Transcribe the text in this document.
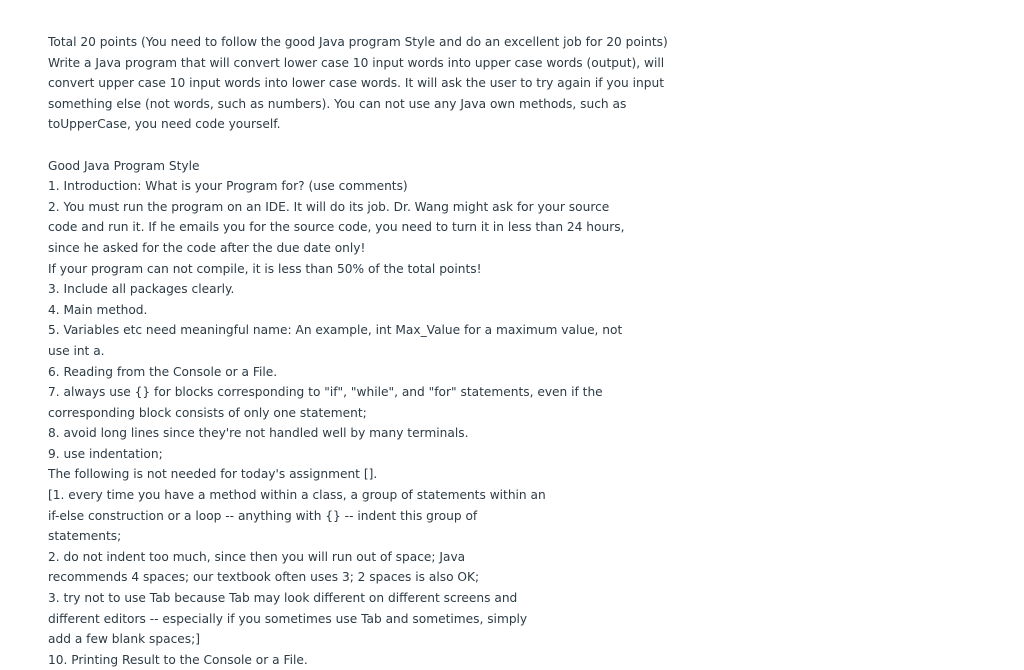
Total 20 points (You need to follow the good Java program Style and do an excellent job for 20 points)
Write a Java program that will convert lower case 10 input words into upper case words (output), will
convert upper case 10 input words into lower case words. It will ask the user to try again if you input
something else (not words, such as numbers). You can not use any Java own methods, such as
toUpperCase, you need code yourself.
Good Java Program Style
1. Introduction: What is your Program for? (use comments)
2. You must run the program on an IDE. It will do its job. Dr. Wang might ask for your source
code and run it. If he emails you for the source code, you need to turn it in less than 24 hours,
since he asked for the code after the due date only!
If your program can not compile, it is less than 50% of the total points!
3. Include all packages clearly.
4. Main method.
5. Variables etc need meaningful name: An example, int Max_Value for a maximum value, not
use int a.
6. Reading from the Console or a File.
7. always use {} for blocks corresponding to "if", "while", and "for" statements, even if the
corresponding block consists of only one statement;
8. avoid long lines since they're not handled well by many terminals.
9. use indentation;
The following is not needed for today's assignment [].
[1. every time you have a method within a class, a group of statements within an
if-else construction or a loop -- anything with {} -- indent this group of
statements;
2. do not indent too much, since then you will run out of space; Java
recommends 4 spaces; our textbook often uses 3; 2 spaces is also OK;
3. try not to use Tab because Tab may look different on different screens and
different editors -- especially if you sometimes use Tab and sometimes, simply
add a few blank spaces;]
10. Printing Result to the Console or a File.
